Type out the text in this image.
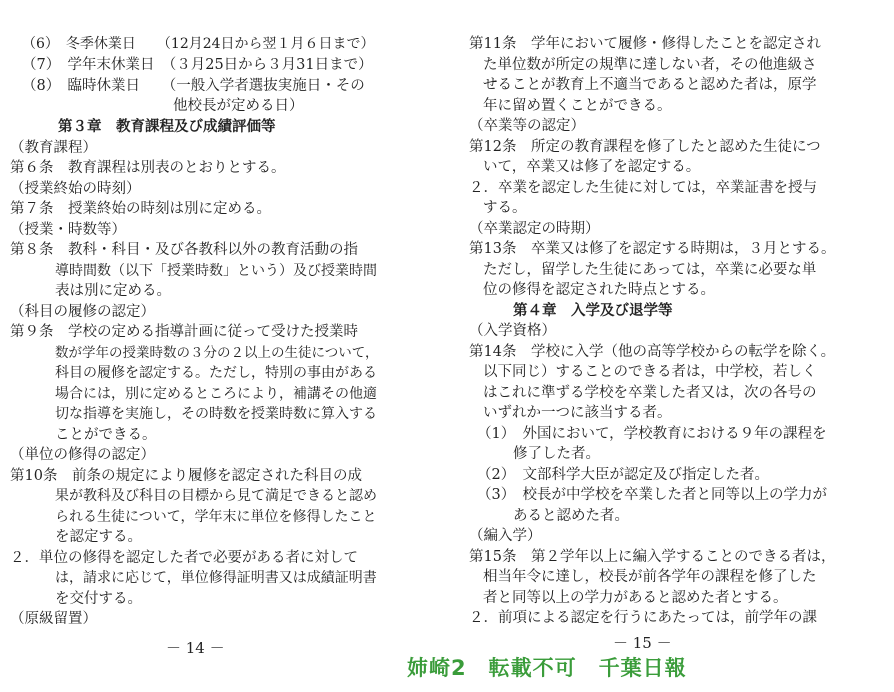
（6）　冬季休業日　　（12月24日から翌１月６日まで）
（7）　学年末休業日　（３月25日から３月31日まで）
（8）　臨時休業日　　（一般入学者選抜実施日・その
他校長が定める日）
第３章　教育課程及び成績評価等
（教育課程）
第６条　教育課程は別表のとおりとする。
（授業終始の時刻）
第７条　授業終始の時刻は別に定める。
（授業・時数等）
第８条　教科・科目・及び各教科以外の教育活動の指
導時間数（以下「授業時数」という）及び授業時間
表は別に定める。
（科目の履修の認定）
第９条　学校の定める指導計画に従って受けた授業時
数が学年の授業時数の３分の２以上の生徒について，
科目の履修を認定する。ただし，特別の事由がある
場合には，別に定めるところにより，補講その他適
切な指導を実施し，その時数を授業時数に算入する
ことができる。
（単位の修得の認定）
第10条　前条の規定により履修を認定された科目の成
果が教科及び科目の目標から見て満足できると認め
られる生徒について，学年末に単位を修得したこと
を認定する。
２．単位の修得を認定した者で必要がある者に対して
は，請求に応じて，単位修得証明書又は成績証明書
を交付する。
（原級留置）
第11条　学年において履修・修得したことを認定され
た単位数が所定の規準に達しない者，その他進級さ
せることが教育上不適当であると認めた者は，原学
年に留め置くことができる。
（卒業等の認定）
第12条　所定の教育課程を修了したと認めた生徒につ
いて，卒業又は修了を認定する。
２．卒業を認定した生徒に対しては，卒業証書を授与
する。
（卒業認定の時期）
第13条　卒業又は修了を認定する時期は，３月とする。
ただし，留学した生徒にあっては，卒業に必要な単
位の修得を認定された時点とする。
第４章　入学及び退学等
（入学資格）
第14条　学校に入学（他の高等学校からの転学を除く。
以下同じ）することのできる者は，中学校，若しく
はこれに準ずる学校を卒業した者又は，次の各号の
いずれか一つに該当する者。
（1）　外国において，学校教育における９年の課程を
修了した者。
（2）　文部科学大臣が認定及び指定した者。
（3）　校長が中学校を卒業した者と同等以上の学力が
あると認めた者。
（編入学）
第15条　第２学年以上に編入学することのできる者は，
相当年令に達し，校長が前各学年の課程を修了した
者と同等以上の学力があると認めた者とする。
２．前項による認定を行うにあたっては，前学年の課
－ 14 －	－ 15 －
姉崎2　転載不可　千葉日報
